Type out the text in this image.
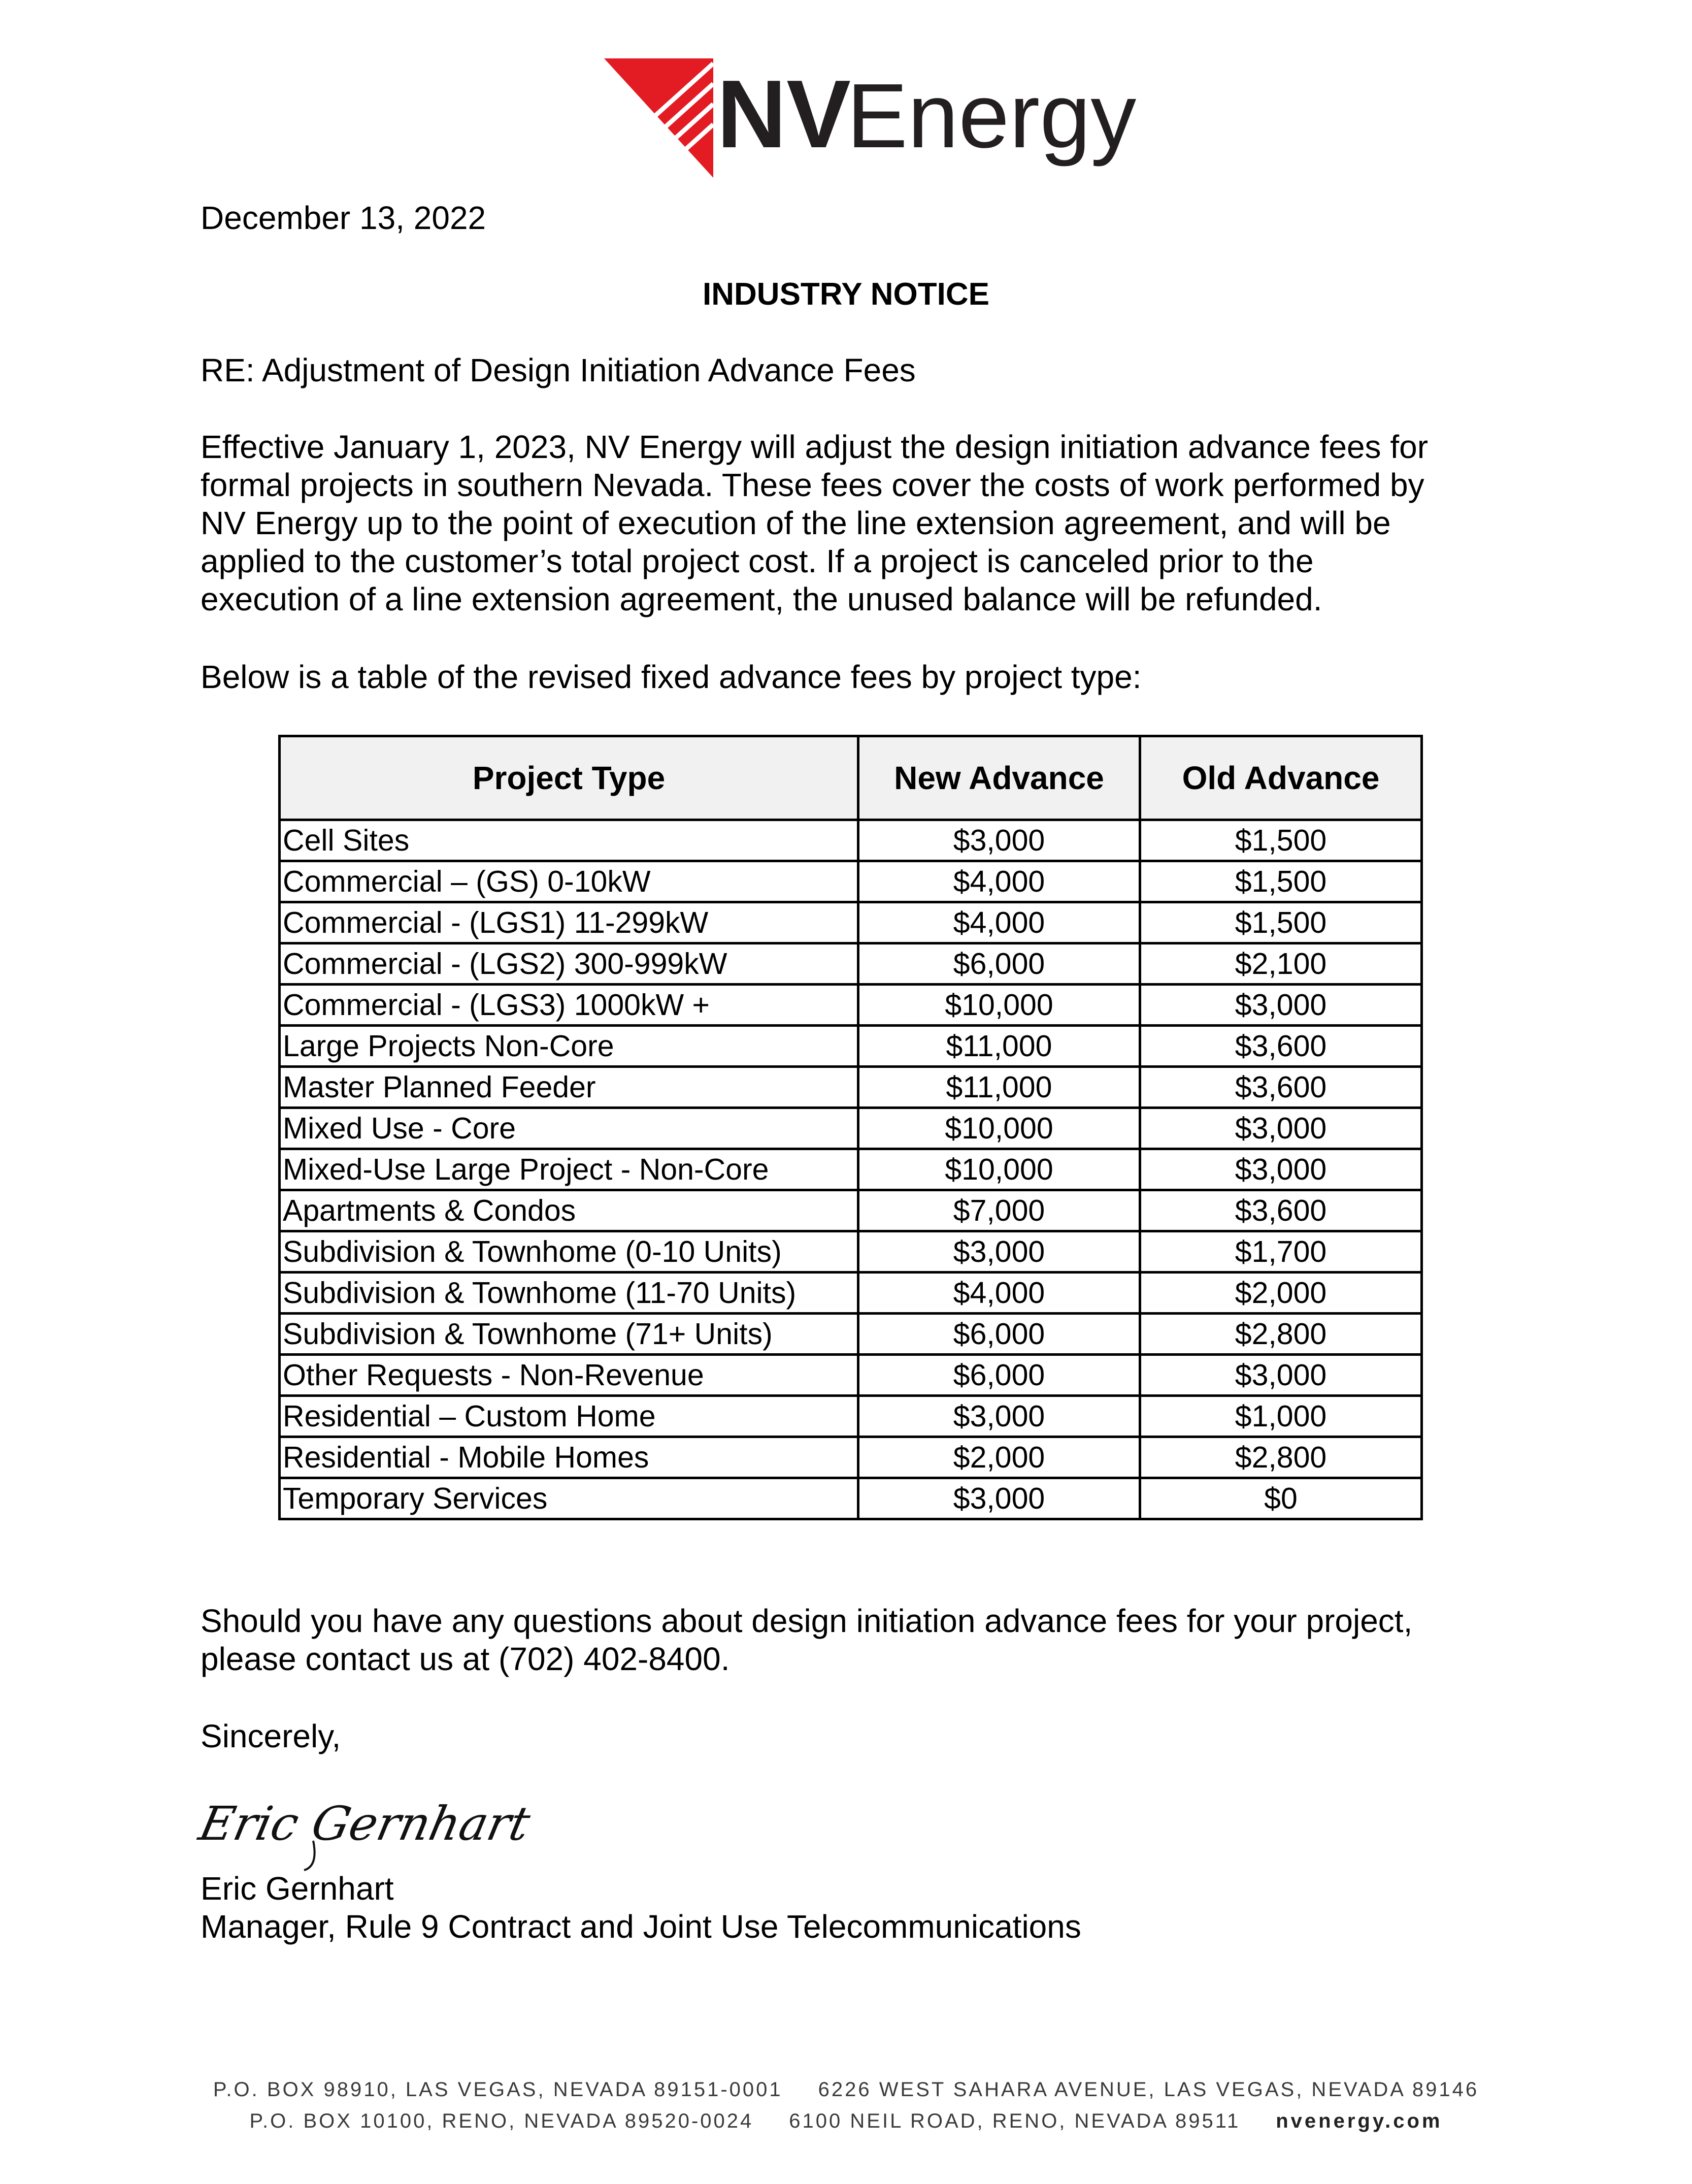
NV
Energy

December 13, 2022

INDUSTRY NOTICE

RE: Adjustment of Design Initiation Advance Fees

Effective January 1, 2023, NV Energy will adjust the design initiation advance fees for
formal projects in southern Nevada. These fees cover the costs of work performed by
NV Energy up to the point of execution of the line extension agreement, and will be
applied to the customer’s total project cost. If a project is canceled prior to the
execution of a line extension agreement, the unused balance will be refunded.

Below is a table of the revised fixed advance fees by project type:

Project Type	New Advance	Old Advance
Cell Sites	$3,000	$1,500
Commercial – (GS) 0-10kW	$4,000	$1,500
Commercial - (LGS1) 11-299kW	$4,000	$1,500
Commercial - (LGS2) 300-999kW	$6,000	$2,100
Commercial - (LGS3) 1000kW +	$10,000	$3,000
Large Projects Non-Core	$11,000	$3,600
Master Planned Feeder	$11,000	$3,600
Mixed Use - Core	$10,000	$3,000
Mixed-Use Large Project - Non-Core	$10,000	$3,000
Apartments & Condos	$7,000	$3,600
Subdivision & Townhome (0-10 Units)	$3,000	$1,700
Subdivision & Townhome (11-70 Units)	$4,000	$2,000
Subdivision & Townhome (71+ Units)	$6,000	$2,800
Other Requests - Non-Revenue	$6,000	$3,000
Residential – Custom Home	$3,000	$1,000
Residential - Mobile Homes	$2,000	$2,800
Temporary Services	$3,000	$0

Should you have any questions about design initiation advance fees for your project,
please contact us at (702) 402-8400.

Sincerely,

Eric Gernhart

Eric Gernhart

Manager, Rule 9 Contract and Joint Use Telecommunications

P.O. BOX 98910, LAS VEGAS, NEVADA 89151-0001 6226 WEST SAHARA AVENUE, LAS VEGAS, NEVADA 89146
P.O. BOX 10100, RENO, NEVADA 89520-0024 6100 NEIL ROAD, RENO, NEVADA 89511 nvenergy.com
